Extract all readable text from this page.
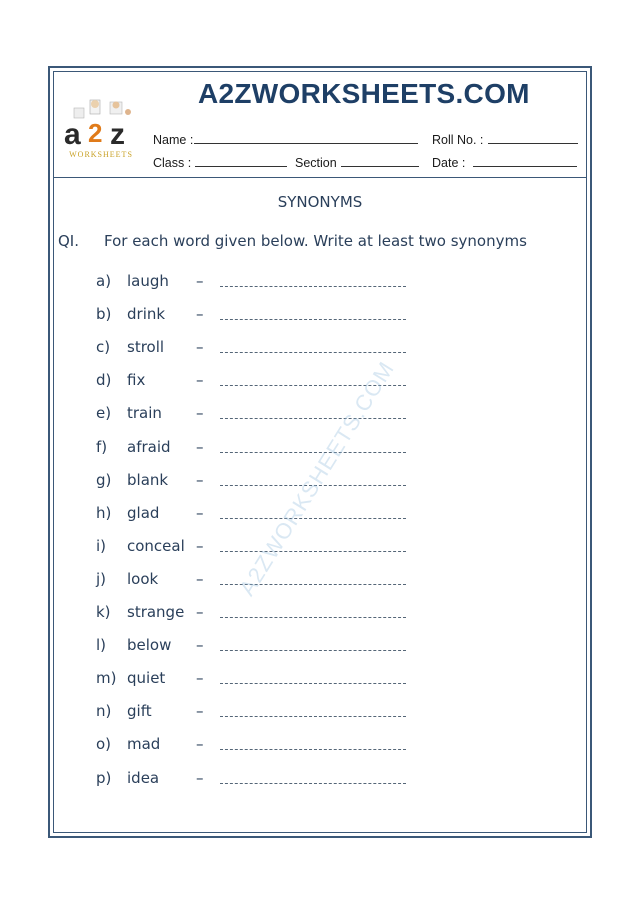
A2ZWORKSHEETS.COM
a 2 z
WORKSHEETS
Name :	Roll No. :
Class :	Section	Date :
SYNONYMS
QI. For each word given below. Write at least two synonyms
a) laugh –
b) drink –
c) stroll –
d) fix	–
e) train –
f) afraid –
g) blank –
h) glad –
i) conceal –
j) look	–
k) strange –
l) below –
m) quiet –
n) gift	–
o) mad –
p) idea –
A2ZWORKSHEETS.COM
